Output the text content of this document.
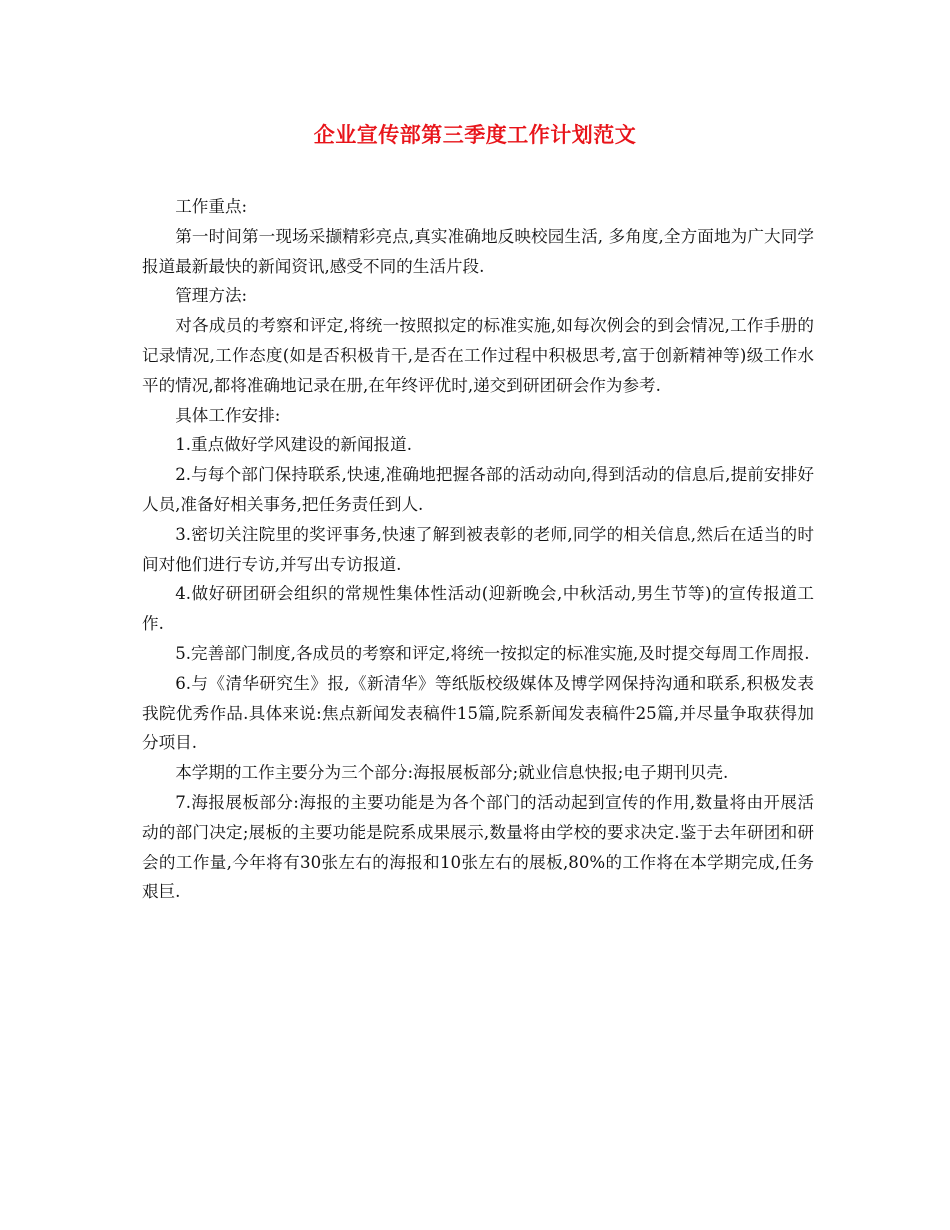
企业宣传部第三季度工作计划范文

工作重点:

第一时间第一现场采撷精彩亮点,真实准确地反映校园生活, 多角度,全方面地为广大同学报道最新最快的新闻资讯,感受不同的生活片段.

管理方法:

对各成员的考察和评定,将统一按照拟定的标准实施,如每次例会的到会情况,工作手册的记录情况,工作态度(如是否积极肯干,是否在工作过程中积极思考,富于创新精神等)级工作水平的情况,都将准确地记录在册,在年终评优时,递交到研团研会作为参考.

具体工作安排:

1.重点做好学风建设的新闻报道.

2.与每个部门保持联系,快速,准确地把握各部的活动动向,得到活动的信息后,提前安排好人员,准备好相关事务,把任务责任到人.

3.密切关注院里的奖评事务,快速了解到被表彰的老师,同学的相关信息,然后在适当的时间对他们进行专访,并写出专访报道.

4.做好研团研会组织的常规性集体性活动(迎新晚会,中秋活动,男生节等)的宣传报道工作.

5.完善部门制度,各成员的考察和评定,将统一按拟定的标准实施,及时提交每周工作周报.

6.与《清华研究生》报,《新清华》等纸版校级媒体及博学网保持沟通和联系,积极发表我院优秀作品.具体来说:焦点新闻发表稿件15篇,院系新闻发表稿件25篇,并尽量争取获得加分项目.

本学期的工作主要分为三个部分:海报展板部分;就业信息快报;电子期刊贝壳.

7.海报展板部分:海报的主要功能是为各个部门的活动起到宣传的作用,数量将由开展活动的部门决定;展板的主要功能是院系成果展示,数量将由学校的要求决定.鉴于去年研团和研会的工作量,今年将有30张左右的海报和10张左右的展板,80%的工作将在本学期完成,任务艰巨.
